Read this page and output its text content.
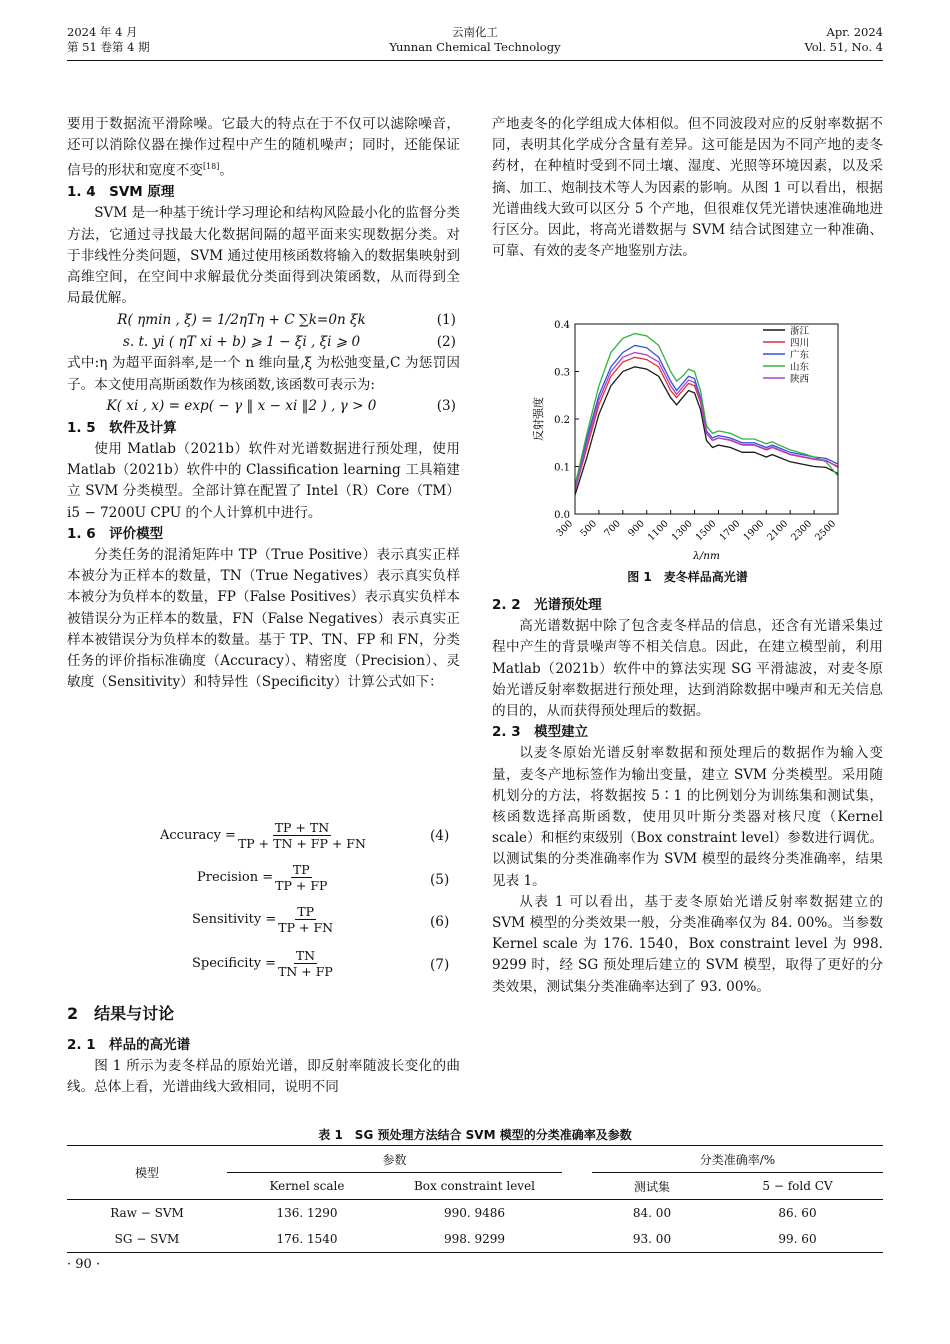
2024 年 4 月
第 51 卷第 4 期
云南化工
Yunnan Chemical Technology
Apr. 2024
Vol. 51, No. 4

要用于数据流平滑除噪。它最大的特点在于不仅可以滤除噪音，还可以消除仪器在操作过程中产生的随机噪声；同时，还能保证信号的形状和宽度不变[18]。

1. 4　SVM 原理

SVM 是一种基于统计学习理论和结构风险最小化的监督分类方法，它通过寻找最大化数据间隔的超平面来实现数据分类。对于非线性分类问题，SVM 通过使用核函数将输入的数据集映射到高维空间，在空间中求解最优分类面得到决策函数，从而得到全局最优解。

R( ηmin , ξ) = 1/2ηTη + C ∑k=0n ξk	(1)
s. t. yi ( ηT xi + b) ⩾ 1 − ξi , ξi ⩾ 0	(2)

式中:η 为超平面斜率,是一个 n 维向量,ξ 为松弛变量,C 为惩罚因子。本文使用高斯函数作为核函数,该函数可表示为:

K( xi , x) = exp( − γ ‖ x − xi ‖2 ) , γ > 0	(3)
1. 5　软件及计算

使用 Matlab（2021b）软件对光谱数据进行预处理，使用 Matlab（2021b）软件中的 Classification learning 工具箱建立 SVM 分类模型。全部计算在配置了 Intel（R）Core（TM）i5 − 7200U CPU 的个人计算机中进行。

1. 6　评价模型

分类任务的混淆矩阵中 TP（True Positive）表示真实正样本被分为正样本的数量，TN（True Negatives）表示真实负样本被分为负样本的数量，FP（False Positives）表示真实负样本被错误分为正样本的数量，FN（False Negatives）表示真实正样本被错误分为负样本的数量。基于 TP、TN、FP 和 FN，分类任务的评价指标准确度（Accuracy）、精密度（Precision）、灵敏度（Sensitivity）和特异性（Specificity）计算公式如下：

Accuracy = $\frac{TP + TN}{TP + TN + FP + FN}$	(4)
Precision = $\frac{TP}{TP + FP}$	(5)
Sensitivity = $\frac{TP}{TP + FN}$	(6)
Specificity = $\frac{TN}{TN + FP}$	(7)
2　结果与讨论
2. 1　样品的高光谱

图 1 所示为麦冬样品的原始光谱，即反射率随波长变化的曲线。总体上看，光谱曲线大致相同，说明不同

产地麦冬的化学组成大体相似。但不同波段对应的反射率数据不同，表明其化学成分含量有差异。这可能是因为不同产地的麦冬药材，在种植时受到不同土壤、湿度、光照等环境因素，以及采摘、加工、炮制技术等人为因素的影响。从图 1 可以看出，根据光谱曲线大致可以区分 5 个产地，但很难仅凭光谱快速准确地进行区分。因此，将高光谱数据与 SVM 结合试图建立一种准确、可靠、有效的麦冬产地鉴别方法。

0.0
0.1
0.2
0.3
0.4
300 500 700 900 1100 1300 1500 1700 1900 2100 2300 2500
λ/nm
反射强度
浙江
四川
广东
山东
陕西
图 1　麦冬样品高光谱
2. 2　光谱预处理

高光谱数据中除了包含麦冬样品的信息，还含有光谱采集过程中产生的背景噪声等不相关信息。因此，在建立模型前，利用 Matlab（2021b）软件中的算法实现 SG 平滑滤波，对麦冬原始光谱反射率数据进行预处理，达到消除数据中噪声和无关信息的目的，从而获得预处理后的数据。

2. 3　模型建立

以麦冬原始光谱反射率数据和预处理后的数据作为输入变量，麦冬产地标签作为输出变量，建立 SVM 分类模型。采用随机划分的方法，将数据按 5∶1 的比例划分为训练集和测试集，核函数选择高斯函数，使用贝叶斯分类器对核尺度（Kernel scale）和框约束级别（Box constraint level）参数进行调优。以测试集的分类准确率作为 SVM 模型的最终分类准确率，结果见表 1。

从表 1 可以看出，基于麦冬原始光谱反射率数据建立的 SVM 模型的分类效果一般，分类准确率仅为 84. 00%。当参数 Kernel scale 为 176. 1540，Box constraint level 为 998. 9299 时，经 SG 预处理后建立的 SVM 模型，取得了更好的分类效果，测试集分类准确率达到了 93. 00%。

表 1　SG 预处理方法结合 SVM 模型的分类准确率及参数
模型	参数			分类准确率/%	
	Kernel scale	Box constraint level		测试集	5 − fold CV
Raw − SVM	136. 1290	990. 9486		84. 00	86. 60
SG − SVM	176. 1540	998. 9299		93. 00	99. 60
· 90 ·
